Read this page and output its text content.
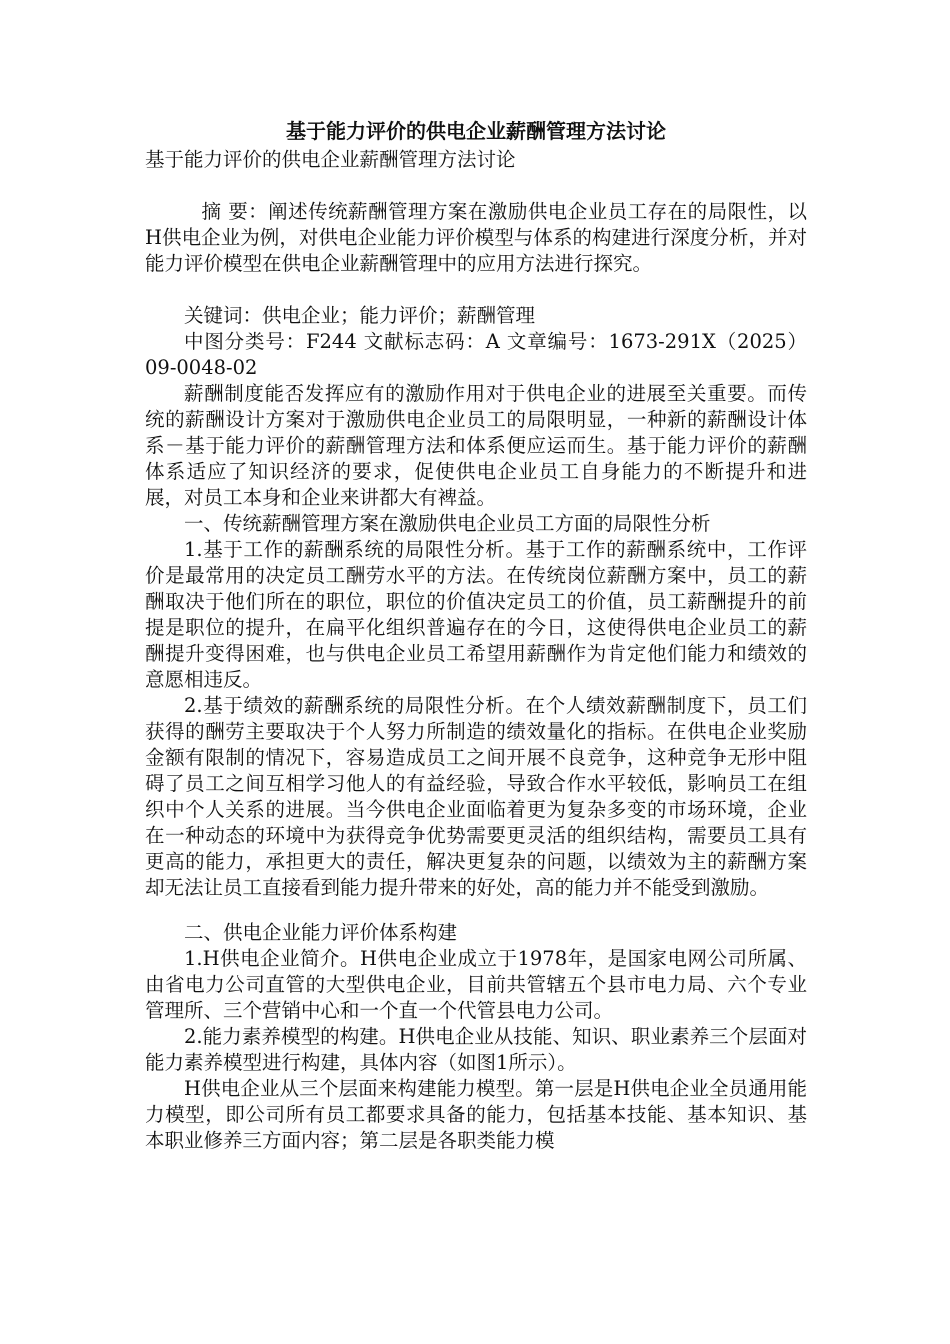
基于能力评价的供电企业薪酬管理方法讨论

基于能力评价的供电企业薪酬管理方法讨论

摘 要：阐述传统薪酬管理方案在激励供电企业员工存在的局限性，以H供电企业为例，对供电企业能力评价模型与体系的构建进行深度分析，并对能力评价模型在供电企业薪酬管理中的应用方法进行探究。

关键词：供电企业；能力评价；薪酬管理

中图分类号：F244 文献标志码：A 文章编号：1673-291X（2025）09-0048-02

薪酬制度能否发挥应有的激励作用对于供电企业的进展至关重要。而传统的薪酬设计方案对于激励供电企业员工的局限明显，一种新的薪酬设计体系－基于能力评价的薪酬管理方法和体系便应运而生。基于能力评价的薪酬体系适应了知识经济的要求，促使供电企业员工自身能力的不断提升和进展，对员工本身和企业来讲都大有裨益。

一、传统薪酬管理方案在激励供电企业员工方面的局限性分析

1.基于工作的薪酬系统的局限性分析。基于工作的薪酬系统中，工作评价是最常用的决定员工酬劳水平的方法。在传统岗位薪酬方案中，员工的薪酬取决于他们所在的职位，职位的价值决定员工的价值，员工薪酬提升的前提是职位的提升，在扁平化组织普遍存在的今日，这使得供电企业员工的薪酬提升变得困难，也与供电企业员工希望用薪酬作为肯定他们能力和绩效的意愿相违反。

2.基于绩效的薪酬系统的局限性分析。在个人绩效薪酬制度下，员工们获得的酬劳主要取决于个人努力所制造的绩效量化的指标。在供电企业奖励金额有限制的情况下，容易造成员工之间开展不良竞争，这种竞争无形中阻碍了员工之间互相学习他人的有益经验，导致合作水平较低，影响员工在组织中个人关系的进展。当今供电企业面临着更为复杂多变的市场环境，企业在一种动态的环境中为获得竞争优势需要更灵活的组织结构，需要员工具有更高的能力，承担更大的责任，解决更复杂的问题，以绩效为主的薪酬方案却无法让员工直接看到能力提升带来的好处，高的能力并不能受到激励。

二、供电企业能力评价体系构建

1.H供电企业简介。H供电企业成立于1978年，是国家电网公司所属、由省电力公司直管的大型供电企业，目前共管辖五个县市电力局、六个专业管理所、三个营销中心和一个直一个代管县电力公司。

2.能力素养模型的构建。H供电企业从技能、知识、职业素养三个层面对能力素养模型进行构建，具体内容（如图1所示）。

H供电企业从三个层面来构建能力模型。第一层是H供电企业全员通用能力模型，即公司所有员工都要求具备的能力，包括基本技能、基本知识、基本职业修养三方面内容；第二层是各职类能力模
